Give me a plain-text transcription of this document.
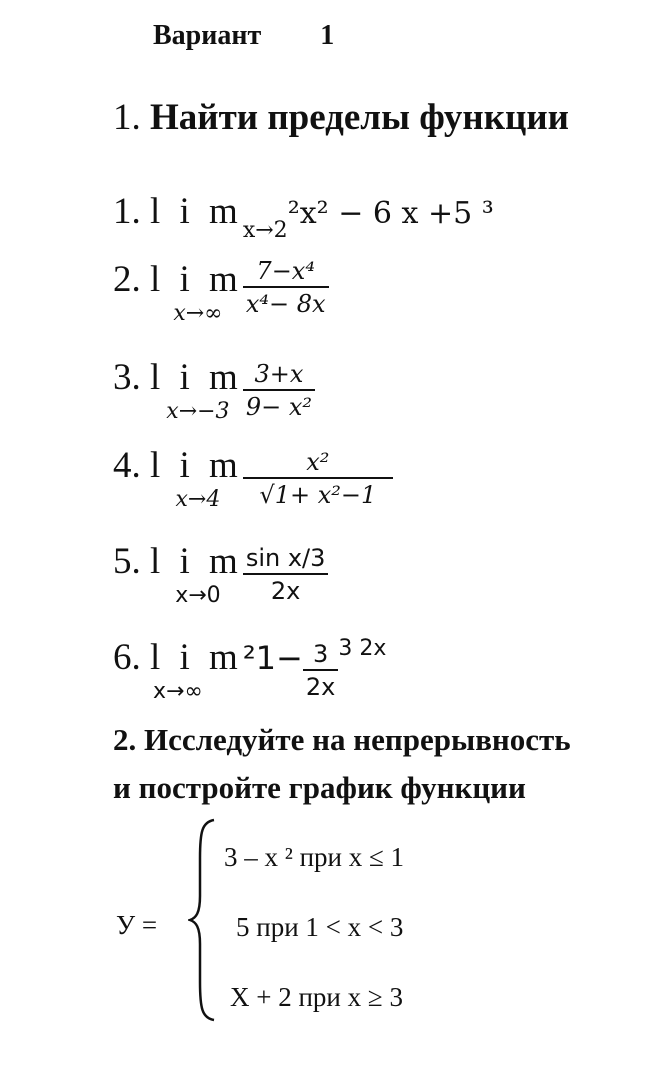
Вариант 1
1. Найти пределы функции
1. l i $m_{x\to 2}^2x^2 - 6$ x +5 ³
2. l i m
$x\to\infty \frac{\text{7−x⁴}}{\text{x⁴− 8x}}$
3. l i m
$x\to-3 \frac{3+x}{\text{9− x²}}$
4. l i m
$x\to 4 \frac{\text{x²}}{\text{√1+ x²−1}}$
5. l i m
$x\to 0 \frac{\text{sin x/3}}{2x}$
6. l i m²1−
x→∞	$\frac{3}{2x} ^{3 2x}$
2. Исследуйте на непрерывность
и постройте график функции
У =
3 – x ² при x ≤ 1
5 при 1 < x < 3
X + 2 при x ≥ 3
